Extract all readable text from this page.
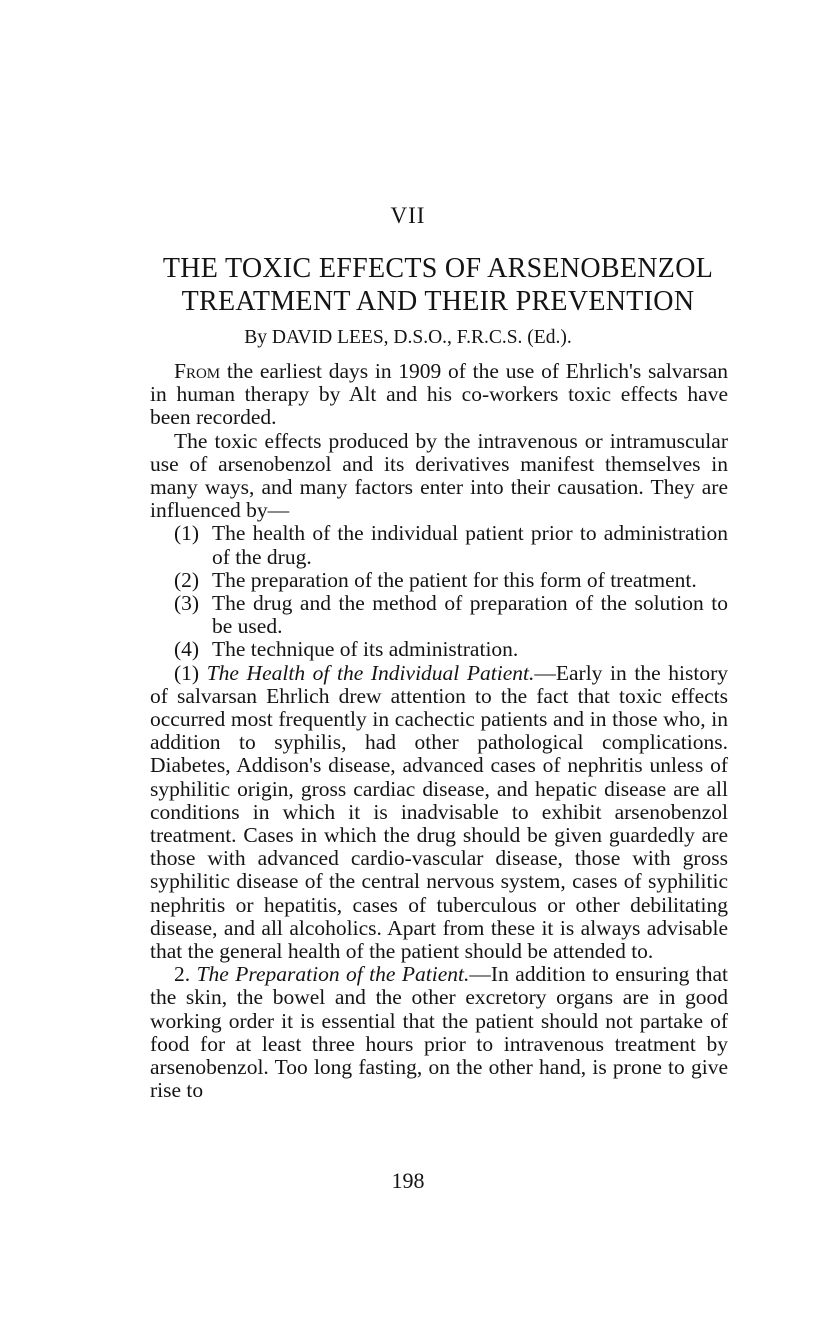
VII
THE TOXIC EFFECTS OF ARSENOBENZOL
TREATMENT AND THEIR PREVENTION
By DAVID LEES, D.S.O., F.R.C.S. (Ed.).

From the earliest days in 1909 of the use of Ehrlich's salvarsan in human therapy by Alt and his co-workers toxic effects have been recorded.

The toxic effects produced by the intravenous or intramuscular use of arsenobenzol and its derivatives manifest themselves in many ways, and many factors enter into their causation. They are influenced by—

(1) The health of the individual patient prior to administration of the drug.
(2) The preparation of the patient for this form of treatment.
(3) The drug and the method of preparation of the solution to be used.
(4) The technique of its administration.

(1) The Health of the Individual Patient.—Early in the history of salvarsan Ehrlich drew attention to the fact that toxic effects occurred most frequently in cachectic patients and in those who, in addition to syphilis, had other pathological complications. Diabetes, Addison's disease, advanced cases of nephritis unless of syphilitic origin, gross cardiac disease, and hepatic disease are all conditions in which it is inadvisable to exhibit arsenobenzol treatment. Cases in which the drug should be given guardedly are those with advanced cardio-vascular disease, those with gross syphilitic disease of the central nervous system, cases of syphilitic nephritis or hepatitis, cases of tuberculous or other debilitating disease, and all alcoholics. Apart from these it is always advisable that the general health of the patient should be attended to.

2. The Preparation of the Patient.—In addition to ensuring that the skin, the bowel and the other excretory organs are in good working order it is essential that the patient should not partake of food for at least three hours prior to intravenous treatment by arsenobenzol. Too long fasting, on the other hand, is prone to give rise to

198
